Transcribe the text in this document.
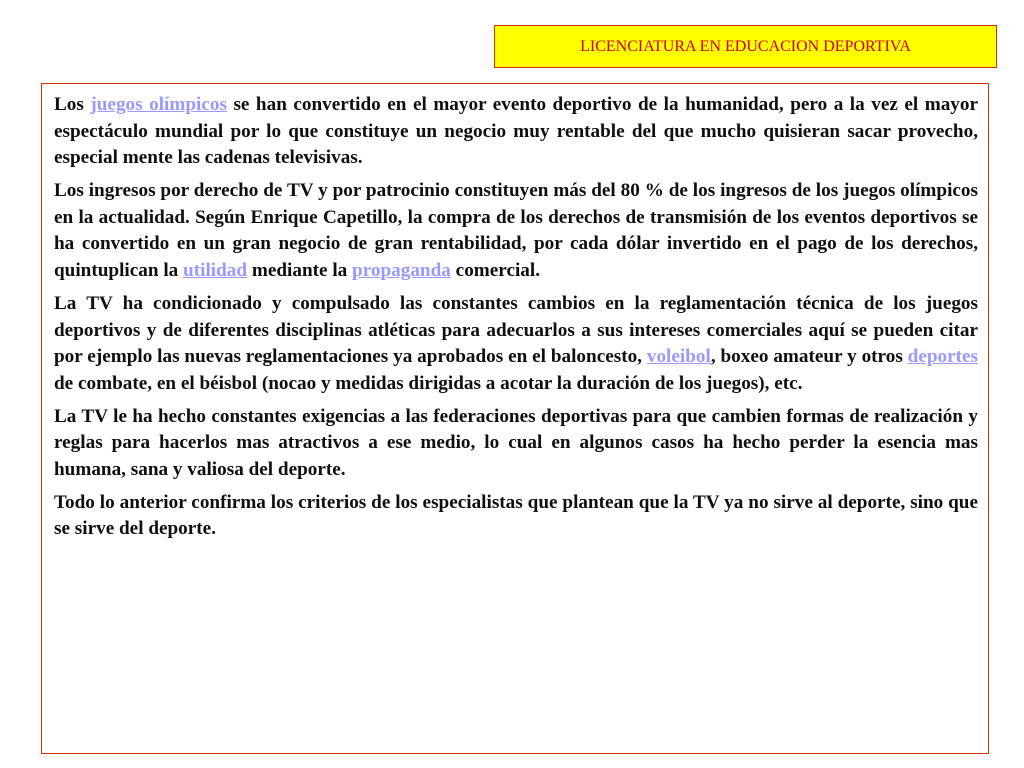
LICENCIATURA EN EDUCACION DEPORTIVA

Los juegos olímpicos se han convertido en el mayor evento deportivo de la humanidad, pero a la vez el mayor espectáculo mundial por lo que constituye un negocio muy rentable del que mucho quisieran sacar provecho, especial mente las cadenas televisivas.

Los ingresos por derecho de TV y por patrocinio constituyen más del 80 % de los ingresos de los juegos olímpicos en la actualidad. Según Enrique Capetillo, la compra de los derechos de transmisión de los eventos deportivos se ha convertido en un gran negocio de gran rentabilidad, por cada dólar invertido en el pago de los derechos, quintuplican la utilidad mediante la propaganda comercial.

La TV ha condicionado y compulsado las constantes cambios en la reglamentación técnica de los juegos deportivos y de diferentes disciplinas atléticas para adecuarlos a sus intereses comerciales aquí se pueden citar por ejemplo las nuevas reglamentaciones ya aprobados en el baloncesto, voleibol, boxeo amateur y otros deportes de combate, en el béisbol (nocao y medidas dirigidas a acotar la duración de los juegos), etc.

La TV le ha hecho constantes exigencias a las federaciones deportivas para que cambien formas de realización y reglas para hacerlos mas atractivos a ese medio, lo cual en algunos casos ha hecho perder la esencia mas humana, sana y valiosa del deporte.

Todo lo anterior confirma los criterios de los especialistas que plantean que la TV ya no sirve al deporte, sino que se sirve del deporte.
